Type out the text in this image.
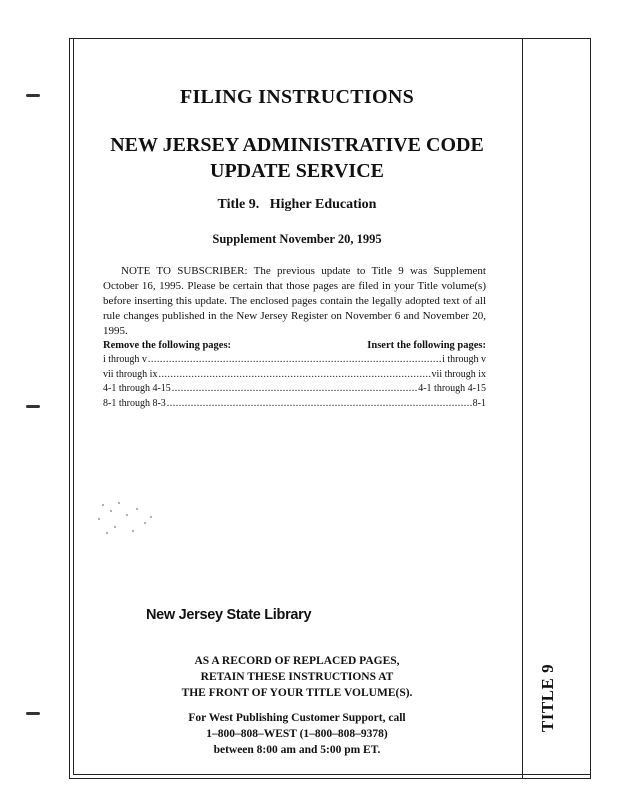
FILING INSTRUCTIONS
NEW JERSEY ADMINISTRATIVE CODE
UPDATE SERVICE
Title 9.   Higher Education
Supplement November 20, 1995
NOTE TO SUBSCRIBER: The previous update to Title 9 was Supplement October 16, 1995. Please be certain that those pages are filed in your Title volume(s) before inserting this update. The enclosed pages contain the legally adopted text of all rule changes published in the New Jersey Register on November 6 and November 20, 1995.
Remove the following pages:	Insert the following pages:
i through v .....	i through v
vii through ix .....	vii through ix
4-1 through 4-15 .....	4-1 through 4-15
8-1 through 8-3 .....	8-1
New Jersey State Library
AS A RECORD OF REPLACED PAGES,
RETAIN THESE INSTRUCTIONS AT
THE FRONT OF YOUR TITLE VOLUME(S).
For West Publishing Customer Support, call
1–800–808–WEST (1–800–808–9378)
between 8:00 am and 5:00 pm ET.
TITLE 9
